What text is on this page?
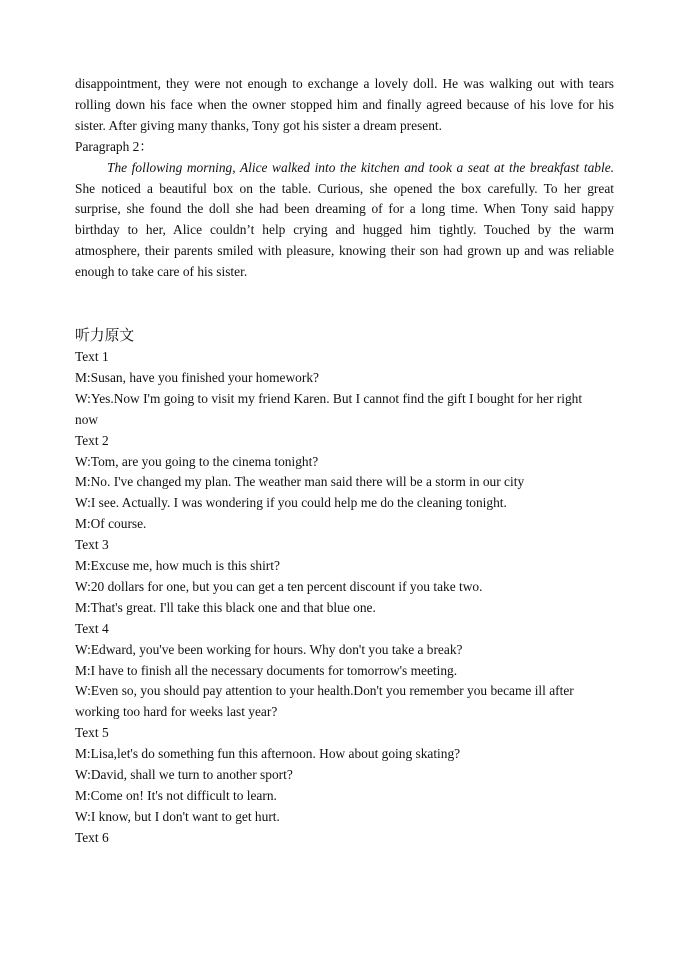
disappointment, they were not enough to exchange a lovely doll. He was walking out with tears rolling down his face when the owner stopped him and finally agreed because of his love for his sister. After giving many thanks, Tony got his sister a dream present.

Paragraph 2：

The following morning, Alice walked into the kitchen and took a seat at the breakfast table. She noticed a beautiful box on the table. Curious, she opened the box carefully. To her great surprise, she found the doll she had been dreaming of for a long time. When Tony said happy birthday to her, Alice couldn’t help crying and hugged him tightly. Touched by the warm atmosphere, their parents smiled with pleasure, knowing their son had grown up and was reliable enough to take care of his sister.

听力原文

Text 1

M:Susan, have you finished your homework?

W:Yes.Now I'm going to visit my friend Karen. But I cannot find the gift I bought for her right now

Text 2

W:Tom, are you going to the cinema tonight?

M:No. I've changed my plan. The weather man said there will be a storm in our city

W:I see. Actually. I was wondering if you could help me do the cleaning tonight.

M:Of course.

Text 3

M:Excuse me, how much is this shirt?

W:20 dollars for one, but you can get a ten percent discount if you take two.

M:That's great. I'll take this black one and that blue one.

Text 4

W:Edward, you've been working for hours. Why don't you take a break?

M:I have to finish all the necessary documents for tomorrow's meeting.

W:Even so, you should pay attention to your health.Don't you remember you became ill after working too hard for weeks last year?

Text 5

M:Lisa,let's do something fun this afternoon. How about going skating?

W:David, shall we turn to another sport?

M:Come on! It's not difficult to learn.

W:I know, but I don't want to get hurt.

Text 6
